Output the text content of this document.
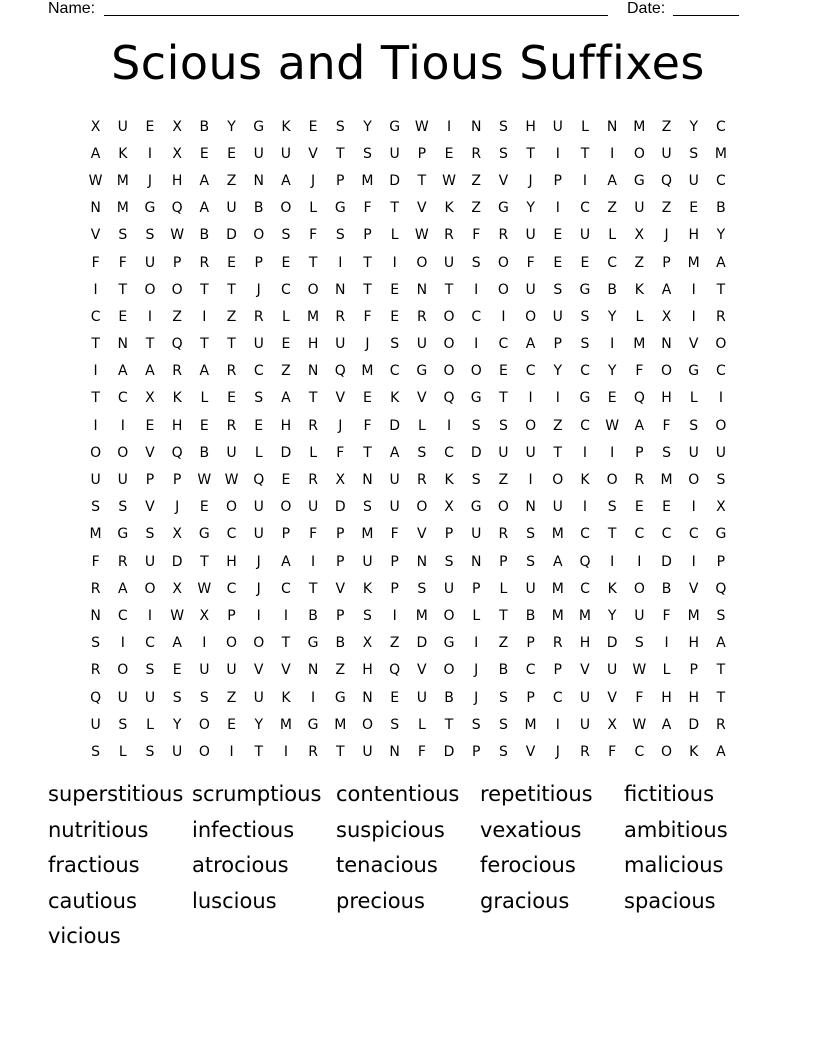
Name:	Date:
Scious and Tious Suffixes
X	U	E	X	B	Y	G	K	E	S	Y	G	W	I	N	S	H	U	L	N	M	Z	Y	C
A	K	I	X	E	E	U	U	V	T	S	U	P	E	R	S	T	I	T	I	O	U	S	M
W	M	J	H	A	Z	N	A	J	P	M	D	T	W	Z	V	J	P	I	A	G	Q	U	C
N	M	G	Q	A	U	B	O	L	G	F	T	V	K	Z	G	Y	I	C	Z	U	Z	E	B
V	S	S	W	B	D	O	S	F	S	P	L	W	R	F	R	U	E	U	L	X	J	H	Y
F	F	U	P	R	E	P	E	T	I	T	I	O	U	S	O	F	E	E	C	Z	P	M	A
I	T	O	O	T	T	J	C	O	N	T	E	N	T	I	O	U	S	G	B	K	A	I	T
C	E	I	Z	I	Z	R	L	M	R	F	E	R	O	C	I	O	U	S	Y	L	X	I	R
T	N	T	Q	T	T	U	E	H	U	J	S	U	O	I	C	A	P	S	I	M	N	V	O
I	A	A	R	A	R	C	Z	N	Q	M	C	G	O	O	E	C	Y	C	Y	F	O	G	C
T	C	X	K	L	E	S	A	T	V	E	K	V	Q	G	T	I	I	G	E	Q	H	L	I
I	I	E	H	E	R	E	H	R	J	F	D	L	I	S	S	O	Z	C	W	A	F	S	O
O	O	V	Q	B	U	L	D	L	F	T	A	S	C	D	U	U	T	I	I	P	S	U	U
U	U	P	P	W W	Q	E	R	X	N	U	R	K	S	Z	I	O	K	O	R	M	O	S
S	S	V	J	E	O	U	O	U	D	S	U	O	X	G	O	N	U	I	S	E	E	I	X
M	G	S	X	G	C	U	P	F	P	M	F	V	P	U	R	S	M	C	T	C	C	C	G
F	R	U	D	T	H	J	A	I	P	U	P	N	S	N	P	S	A	Q	I	I	D	I	P
R	A	O	X	W	C	J	C	T	V	K	P	S	U	P	L	U	M	C	K	O	B	V	Q
N	C	I	W	X	P	I	I	B	P	S	I	M	O	L	T	B	M	M	Y	U	F	M	S
S	I	C	A	I	O	O	T	G	B	X	Z	D	G	I	Z	P	R	H	D	S	I	H	A
R	O	S	E	U	U	V	V	N	Z	H	Q	V	O	J	B	C	P	V	U	W	L	P	T
Q	U	U	S	S	Z	U	K	I	G	N	E	U	B	J	S	P	C	U	V	F	H	H	T
U	S	L	Y	O	E	Y	M	G	M	O	S	L	T	S	S	M	I	U	X	W	A	D	R
S	L	S	U	O	I	T	I	R	T	U	N	F	D	P	S	V	J	R	F	C	O	K	A
superstitious scrumptious contentious repetitious	fictitious
nutritious	infectious	suspicious	vexatious	ambitious
fractious	atrocious	tenacious	ferocious	malicious
cautious	luscious	precious	gracious	spacious
vicious
